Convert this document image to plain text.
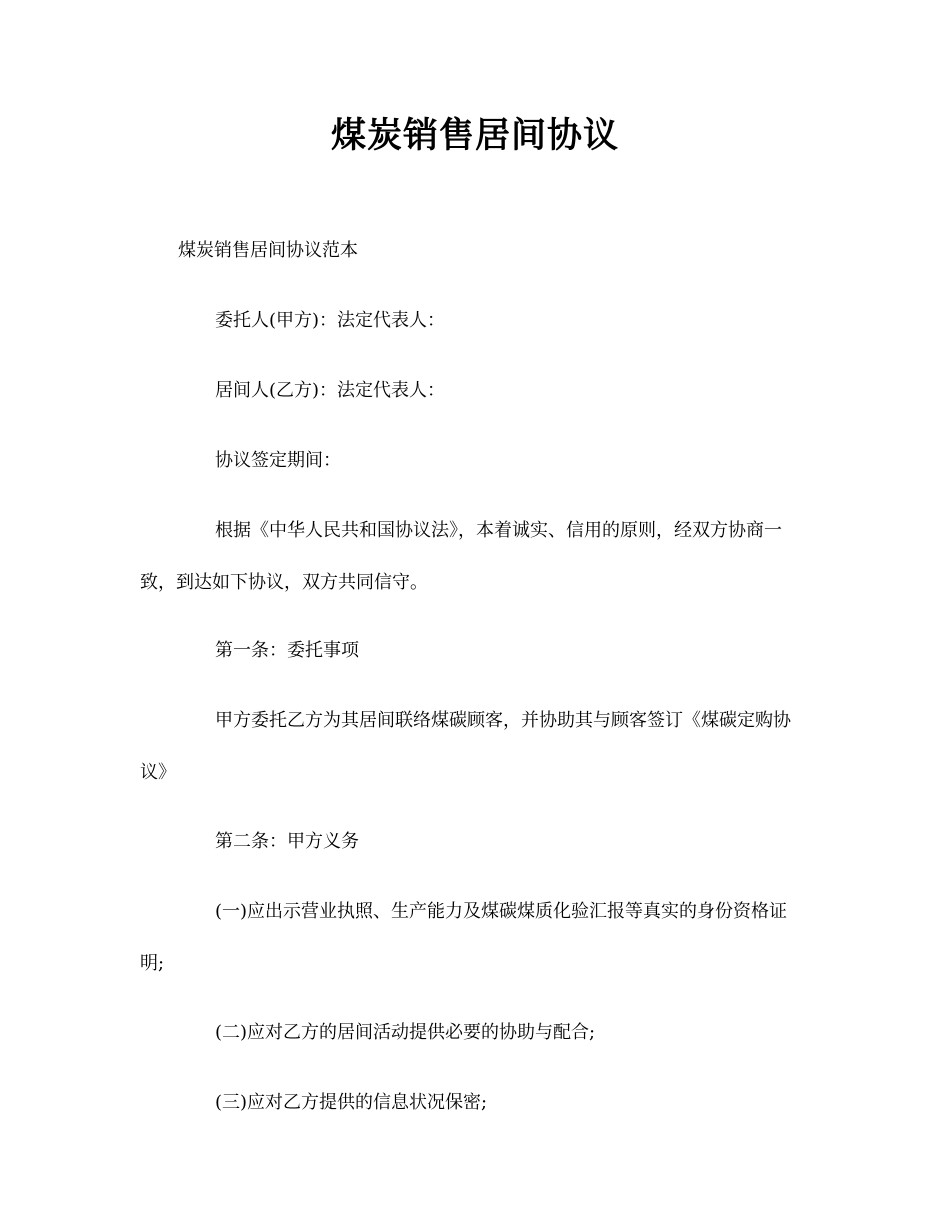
煤炭销售居间协议

煤炭销售居间协议范本

委托人(甲方)：法定代表人：

居间人(乙方)：法定代表人：

协议签定期间：

根据《中华人民共和国协议法》，本着诚实、信用的原则，经双方协商一

致，到达如下协议，双方共同信守。

第一条：委托事项

甲方委托乙方为其居间联络煤碳顾客，并协助其与顾客签订《煤碳定购协

议》

第二条：甲方义务

(一)应出示营业执照、生产能力及煤碳煤质化验汇报等真实的身份资格证

明;

(二)应对乙方的居间活动提供必要的协助与配合;

(三)应对乙方提供的信息状况保密;
